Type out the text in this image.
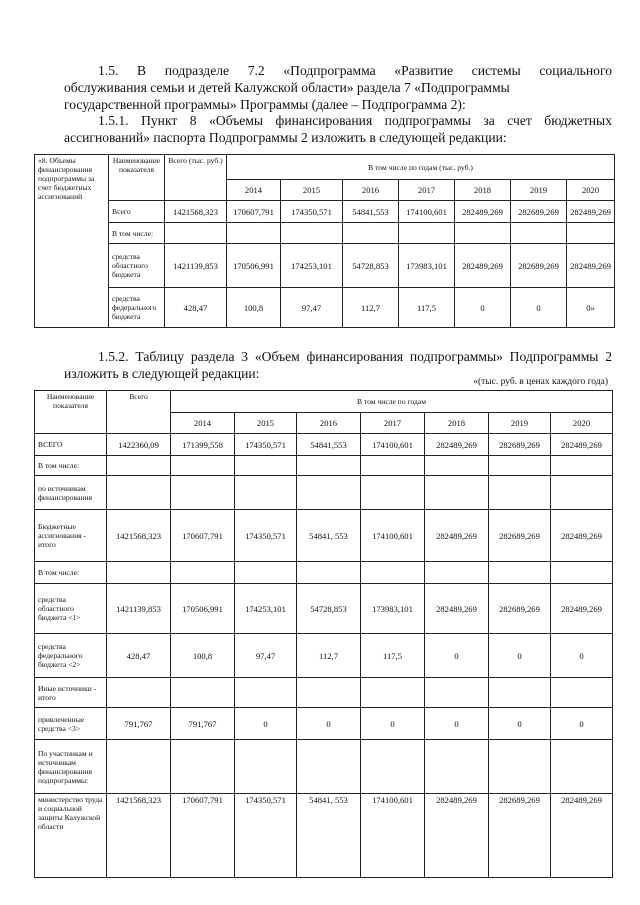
1.5. В подразделе 7.2 «Подпрограмма «Развитие системы социального

обслуживания семьи и детей Калужской области» раздела 7 «Подпрограммы

государственной программы» Программы (далее – Подпрограмма 2):

1.5.1. Пункт 8 «Объемы финансирования подпрограммы за счет бюджетных

ассигнований» паспорта Подпрограммы 2 изложить в следующей редакции:

«8. Объемы финансирования подпрограммы за счет бюджетных ассигнований	Наименование показателя	Всего (тыс. руб.)	В том числе по годам (тыс. руб.)						
			2014	2015	2016	2017	2018	2019	2020
	Всего	1421568,323	170607,791	174350,571	54841,553	174100,601	282489,269	282689,269	282489,269
	В том числе:								
	средства областного бюджета	1421139,853	170506,991	174253,101	54728,853	173983,101	282489,269	282689,269	282489,269
	средства федерального бюджета	428,47	100,8	97,47	112,7	117,5	0	0	0»

1.5.2. Таблицу раздела 3 «Объем финансирования подпрограммы» Подпрограммы 2

изложить в следующей редакции:

«(тыс. руб. в ценах каждого года)
Наименование показателя	Всего	В том числе по годам						
		2014	2015	2016	2017	2018	2019	2020
ВСЕГО	1422360,09	171399,558	174350,571	54841,553	174100,601	282489,269	282689,269	282489,269
В том числе:								
по источникам финансирования								
Бюджетные ассигнования - итого	1421568,323	170607,791	174350,571	54841, 553	174100,601	282489,269	282689,269	282489,269
В том числе:								
средства областного бюджета <1>	1421139,853	170506,991	174253,101	54728,853	173983,101	282489,269	282689,269	282489,269
средства федерального бюджета <2>	428,47	100,8	97,47	112,7	117,5	0	0	0
Иные источники - итого								
привлеченные средства <3>	791,767	791,767	0	0	0	0	0	0
По участникам и источникам финансирования подпрограммы:								
министерство труда и социальной защиты Калужской области	1421568,323	170607,791	174350,571	54841, 553	174100,601	282489,269	282689,269	282489,269
